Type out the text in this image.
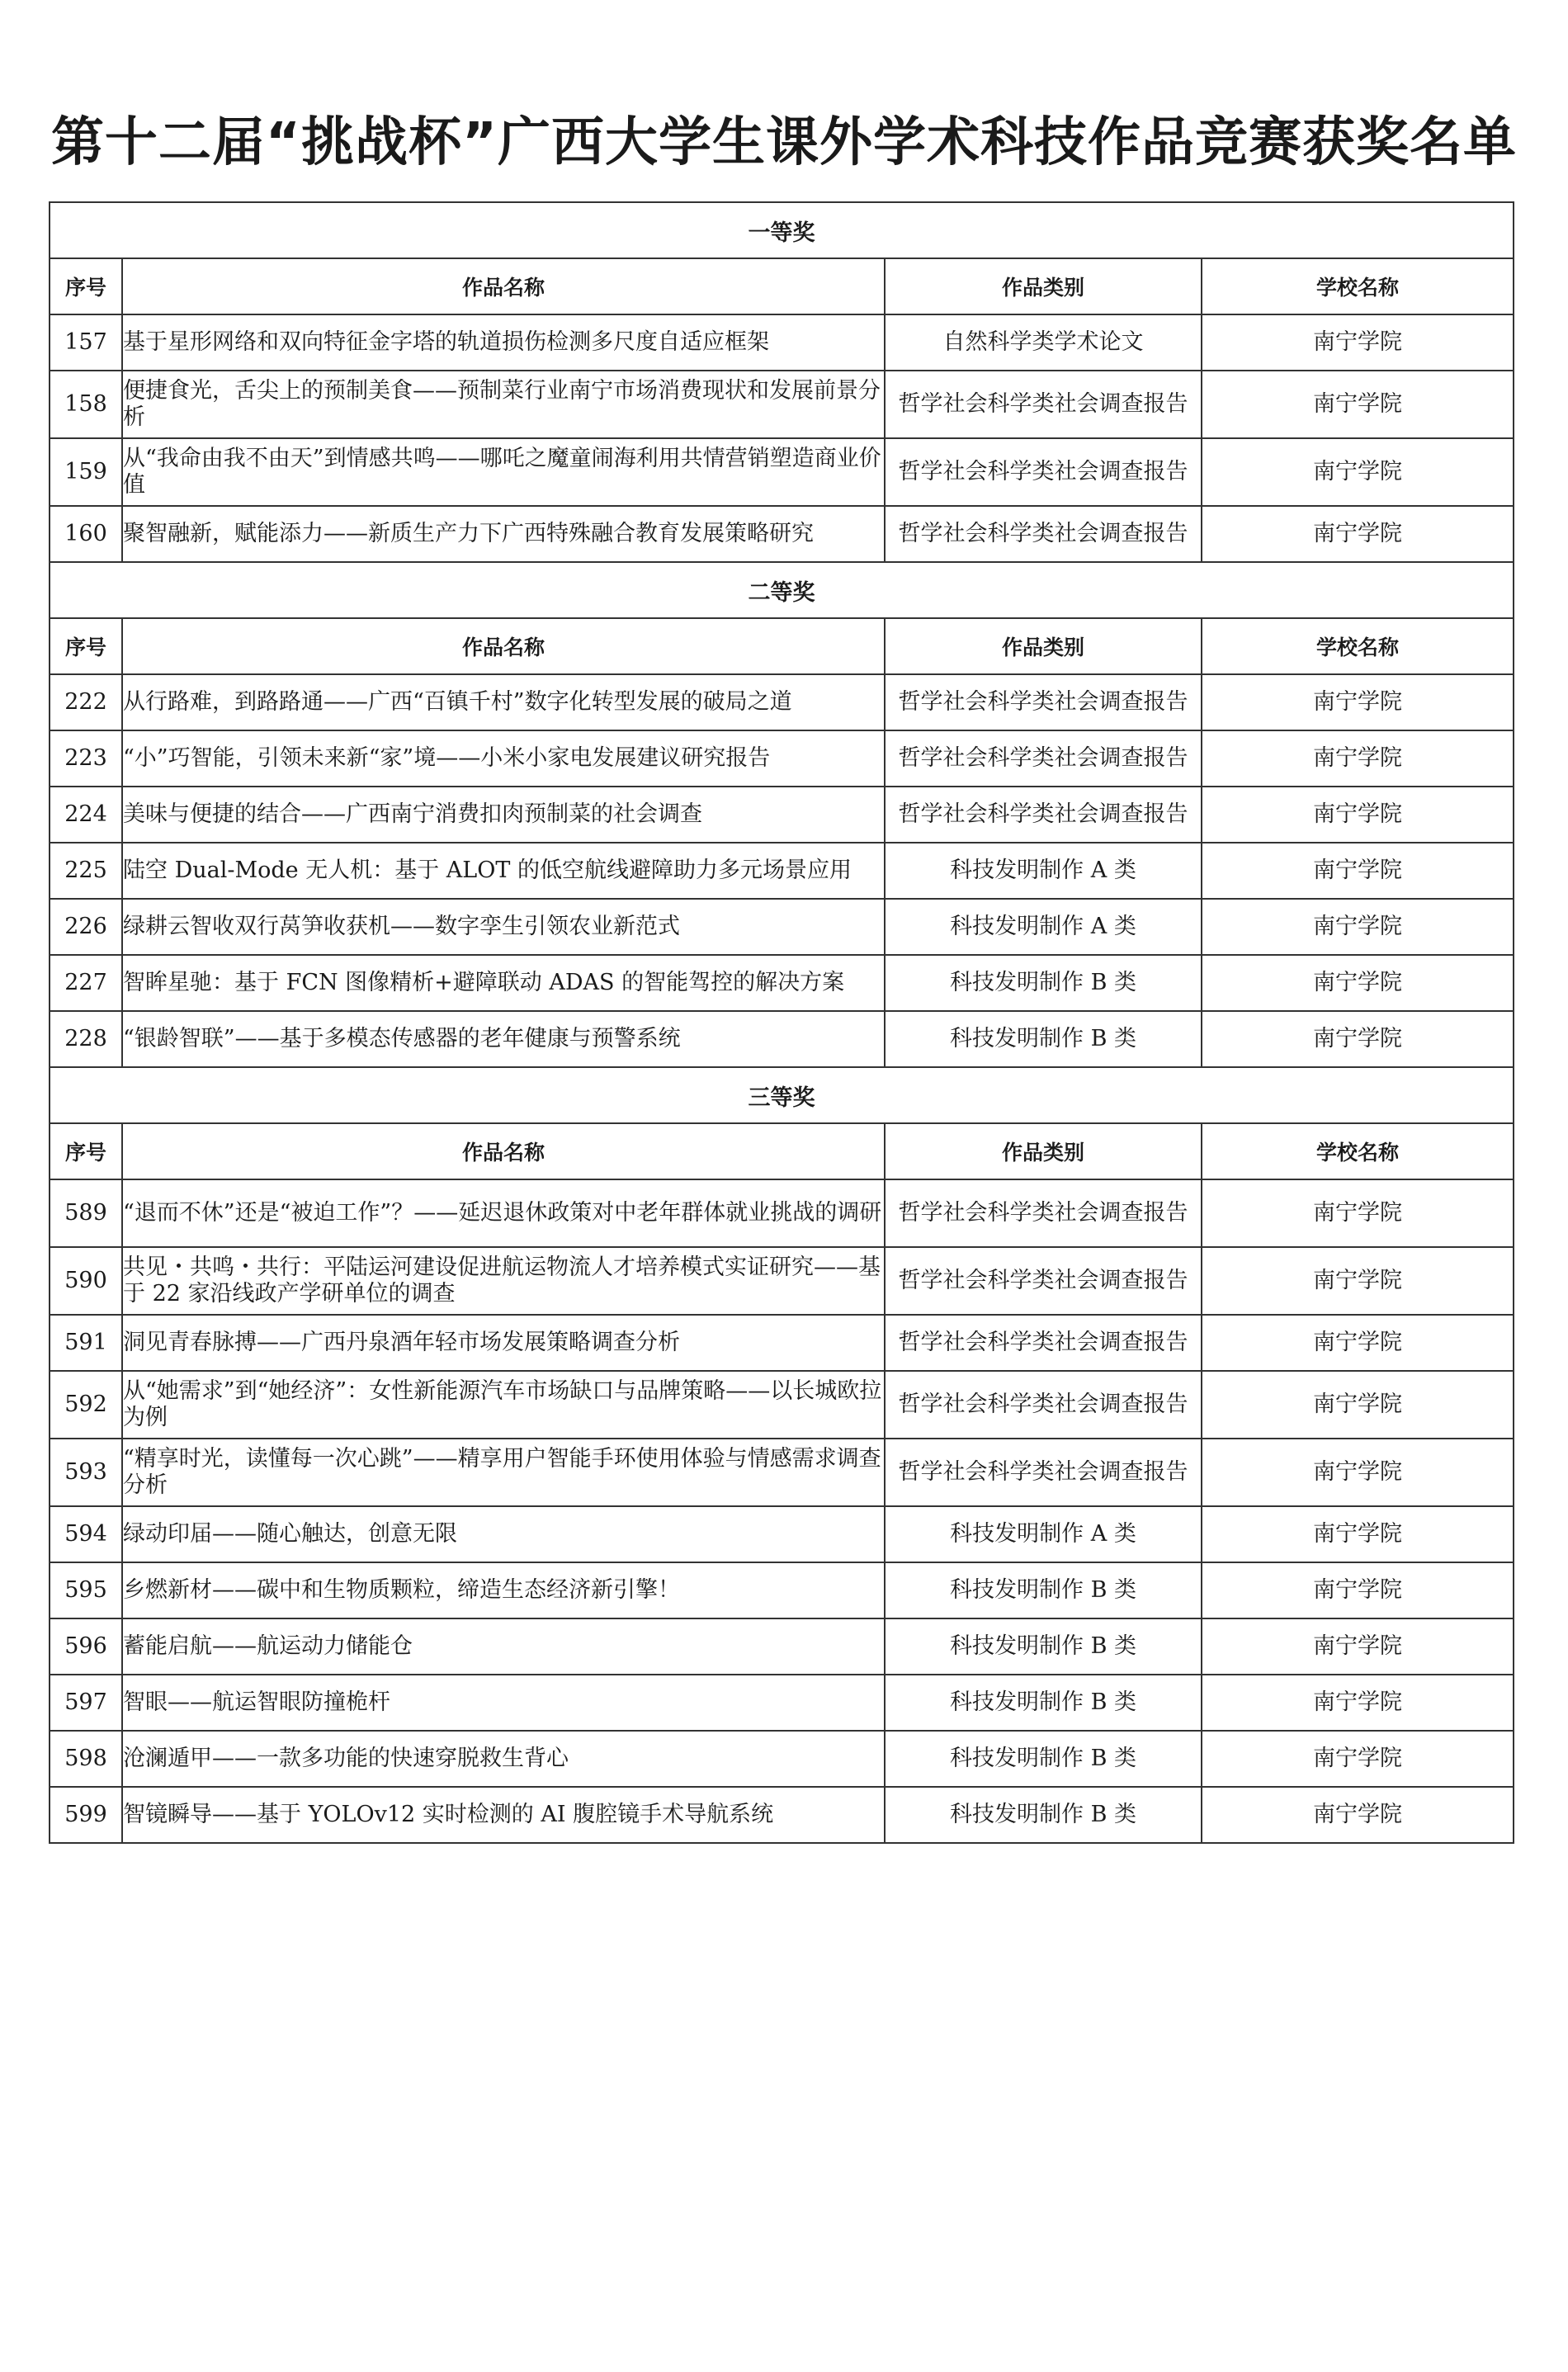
第十二届“挑战杯”广西大学生课外学术科技作品竞赛获奖名单
一等奖			
序号	作品名称	作品类别	学校名称
157	基于星形网络和双向特征金字塔的轨道损伤检测多尺度自适应框架	自然科学类学术论文	南宁学院
158	便捷食光，舌尖上的预制美食——预制菜行业南宁市场消费现状和发展前景分析	哲学社会科学类社会调查报告	南宁学院
159	从“我命由我不由天”到情感共鸣——哪吒之魔童闹海利用共情营销塑造商业价值	哲学社会科学类社会调查报告	南宁学院
160	聚智融新，赋能添力——新质生产力下广西特殊融合教育发展策略研究	哲学社会科学类社会调查报告	南宁学院
二等奖			
序号	作品名称	作品类别	学校名称
222	从行路难，到路路通——广西“百镇千村”数字化转型发展的破局之道	哲学社会科学类社会调查报告	南宁学院
223	“小”巧智能，引领未来新“家”境——小米小家电发展建议研究报告	哲学社会科学类社会调查报告	南宁学院
224	美味与便捷的结合——广西南宁消费扣肉预制菜的社会调查	哲学社会科学类社会调查报告	南宁学院
225	陆空 Dual-Mode 无人机：基于 ALOT 的低空航线避障助力多元场景应用	科技发明制作 A 类	南宁学院
226	绿耕云智收双行莴笋收获机——数字孪生引领农业新范式	科技发明制作 A 类	南宁学院
227	智眸星驰：基于 FCN 图像精析+避障联动 ADAS 的智能驾控的解决方案	科技发明制作 B 类	南宁学院
228	“银龄智联”——基于多模态传感器的老年健康与预警系统	科技发明制作 B 类	南宁学院
三等奖			
序号	作品名称	作品类别	学校名称
589	“退而不休”还是“被迫工作”？——延迟退休政策对中老年群体就业挑战的调研	哲学社会科学类社会调查报告	南宁学院
590	共见・共鸣・共行：平陆运河建设促进航运物流人才培养模式实证研究——基于 22 家沿线政产学研单位的调查	哲学社会科学类社会调查报告	南宁学院
591	洞见青春脉搏——广西丹泉酒年轻市场发展策略调查分析	哲学社会科学类社会调查报告	南宁学院
592	从“她需求”到“她经济”：女性新能源汽车市场缺口与品牌策略——以长城欧拉为例	哲学社会科学类社会调查报告	南宁学院
593	“精享时光，读懂每一次心跳”——精享用户智能手环使用体验与情感需求调查分析	哲学社会科学类社会调查报告	南宁学院
594	绿动印届——随心触达，创意无限	科技发明制作 A 类	南宁学院
595	乡燃新材——碳中和生物质颗粒，缔造生态经济新引擎！	科技发明制作 B 类	南宁学院
596	蓄能启航——航运动力储能仓	科技发明制作 B 类	南宁学院
597	智眼——航运智眼防撞桅杆	科技发明制作 B 类	南宁学院
598	沧澜遁甲——一款多功能的快速穿脱救生背心	科技发明制作 B 类	南宁学院
599	智镜瞬导——基于 YOLOv12 实时检测的 AI 腹腔镜手术导航系统	科技发明制作 B 类	南宁学院
